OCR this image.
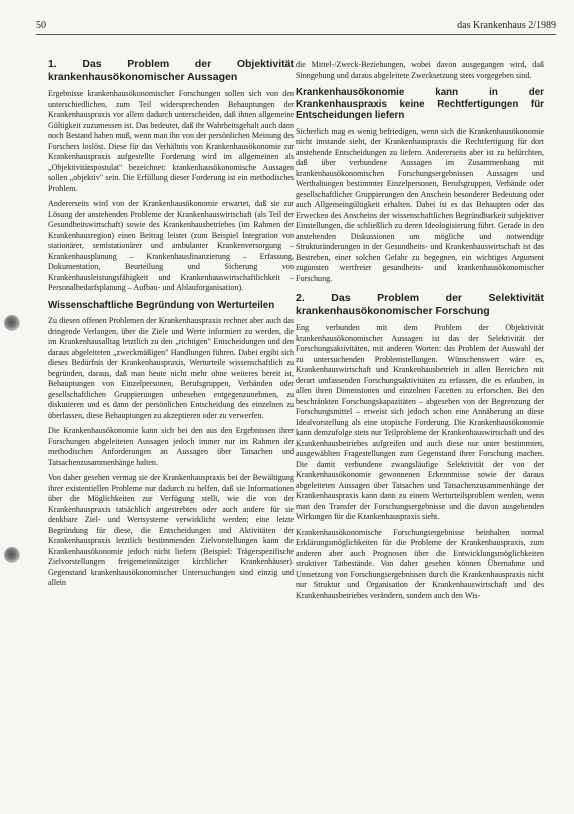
50	das Krankenhaus 2/1989
1. Das Problem der Objektivität krankenhausökonomischer Aussagen

Ergebnisse krankenhausökonomischer Forschungen sollen sich von den unterschiedlichen, zum Teil widersprechenden Behauptungen der Krankenhauspraxis vor allem dadurch unterscheiden, daß ihnen allgemeine Gültigkeit zuzumessen ist. Das bedeutet, daß ihr Wahrheitsgehalt auch dann noch Bestand haben muß, wenn man ihn von der persönlichen Meinung des Forschers loslöst. Diese für das Verhältnis von Krankenhausökonomie zur Krankenhauspraxis aufgestellte Forderung wird im allgemeinen als „Objektivitätspostulat" bezeichnet: krankenhausökonomische Aussagen sollen „objektiv" sein. Die Erfüllung dieser Forderung ist ein methodisches Problem.

Andererseits wird von der Krankenhausökonomie erwartet, daß sie zur Lösung der anstehenden Probleme der Krankenhauswirtschaft (als Teil der Gesundheitswirtschaft) sowie des Krankenhausbetriebes (im Rahmen der Krankenhausregion) einen Beitrag leistet (zum Beispiel Integration von stationärer, semistationärer und ambulanter Krankenversorgung – Krankenhausplanung – Krankenhausfinanzierung – Erfassung, Dokumentation, Beurteilung und Sicherung von Krankenhausleistungsfähigkeit und Krankenhauswirtschaftlichkeit – Personalbedarfsplanung – Aufbau- und Ablauforganisation).

Wissenschaftliche Begründung von Werturteilen

Zu diesen offenen Problemen der Krankenhauspraxis rechnet aber auch das dringende Verlangen, über die Ziele und Werte informiert zu werden, die im Krankenhausalltag letztlich zu den „richtigen" Entscheidungen und den daraus abgeleiteten „zweckmäßigen" Handlungen führen. Dabei ergibt sich dieses Bedürfnis der Krankenhauspraxis, Werturteile wissenschaftlich zu begründen, daraus, daß man heute nicht mehr ohne weiteres bereit ist, Behauptungen von Einzelpersonen, Berufsgruppen, Verbänden oder gesellschaftlichen Gruppierungen unbesehen entgegenzunehmen, zu diskutieren und es dann der persönlichen Entscheidung des einzelnen zu überlassen, diese Behauptungen zu akzeptieren oder zu verwerfen.

Die Krankenhausökonomie kann sich bei den aus den Ergebnissen ihrer Forschungen abgeleiteten Aussagen jedoch immer nur im Rahmen der methodischen Anforderungen an Aussagen über Tatsachen und Tatsachenzusammenhänge halten.

Von daher gesehen vermag sie der Krankenhauspraxis bei der Bewältigung ihrer existentiellen Probleme nur dadurch zu helfen, daß sie Informationen über die Möglichkeiten zur Verfügung stellt, wie die von der Krankenhauspraxis tatsächlich angestrebten oder auch andere für sie denkbare Ziel- und Wertsysteme verwirklicht werden; eine letzte Begründung für diese, die Entscheidungen und Aktivitäten der Krankenhauspraxis letztlich bestimmenden Zielvorstellungen kann die Krankenhausökonomie jedoch nicht liefern (Beispiel: Trägerspezifische Zielvorstellungen freigemeinnütziger kirchlicher Krankenhäuser). Gegenstand krankenhausökonomischer Untersuchungen sind einzig und allein

die Mittel-/Zweck-Beziehungen, wobei davon ausgegangen wird, daß Sinngebung und daraus abgeleitete Zwecksetzung stets vorgegeben sind.

Krankenhausökonomie kann in der Krankenhauspraxis keine Rechtfertigungen für Entscheidungen liefern

Sicherlich mag es wenig befriedigen, wenn sich die Krankenhausökonomie nicht imstande sieht, der Krankenhauspraxis die Rechtfertigung für dort anstehende Entscheidungen zu liefern. Andererseits aber ist zu befürchten, daß über verbundene Aussagen im Zusammenhang mit krankenhausökonomischen Forschungsergebnissen Aussagen und Werthaltungen bestimmter Einzelpersonen, Berufsgruppen, Verbände oder gesellschaftlicher Gruppierungen den Anschein besonderer Bedeutung oder auch Allgemeingültigkeit erhalten. Dabei ist es das Behaupten oder das Erwecken des Anscheins der wissenschaftlichen Begründbarkeit subjektiver Einstellungen, die schließlich zu deren Ideologisierung führt. Gerade in den anstehenden Diskussionen um mögliche und notwendige Strukturänderungen in der Gesundheits- und Krankenhauswirtschaft ist das Bestreben, einer solchen Gefahr zu begegnen, ein wichtiges Argument zugunsten wertfreier gesundheits- und krankenhausökonomischer Forschung.

2. Das Problem der Selektivität krankenhausökonomischer Forschung

Eng verbunden mit dem Problem der Objektivität krankenhausökonomischer Aussagen ist das der Selektivität der Forschungsaktivitäten, mit anderen Worten: das Problem der Auswahl der zu untersuchenden Problemstellungen. Wünschenswert wäre es, Krankenhauswirtschaft und Krankenhausbetrieb in allen Bereichen mit derart umfassenden Forschungsaktivitäten zu erfassen, die es erlauben, in allen ihren Dimensionen und einzelnen Facetten zu erforschen. Bei den beschränkten Forschungskapazitäten – abgesehen von der Begrenzung der Forschungsmittel – erweist sich jedoch schon eine Annäherung an diese Idealvorstellung als eine utopische Forderung. Die Krankenhausökonomie kann demzufolge stets nur Teilprobleme der Krankenhauswirtschaft und des Krankenhausbetriebes aufgreifen und auch diese nur unter bestimmten, ausgewählten Fragestellungen zum Gegenstand ihrer Forschung machen. Die damit verbundene zwangsläufige Selektivität der von der Krankenhausökonomie gewonnenen Erkenntnisse sowie der daraus abgeleiteten Aussagen über Tatsachen und Tatsachenzusammenhänge der Krankenhauspraxis kann dann zu einem Werturteilsproblem werden, wenn man den Transfer der Forschungsergebnisse und die davon ausgehenden Wirkungen für die Krankenhauspraxis sieht.

Krankenhausökonomische Forschungsergebnisse beinhalten normal Erklärungsmöglichkeiten für die Probleme der Krankenhauspraxis, zum anderen aber auch Prognosen über die Entwicklungsmöglichkeiten struktiver Tatbestände. Von daher gesehen können Übernahme und Umsetzung von Forschungsergebnissen durch die Krankenhauspraxis nicht nur Struktur und Organisation der Krankenhauswirtschaft und des Krankenhausbetriebes verändern, sondern auch den Wis-
